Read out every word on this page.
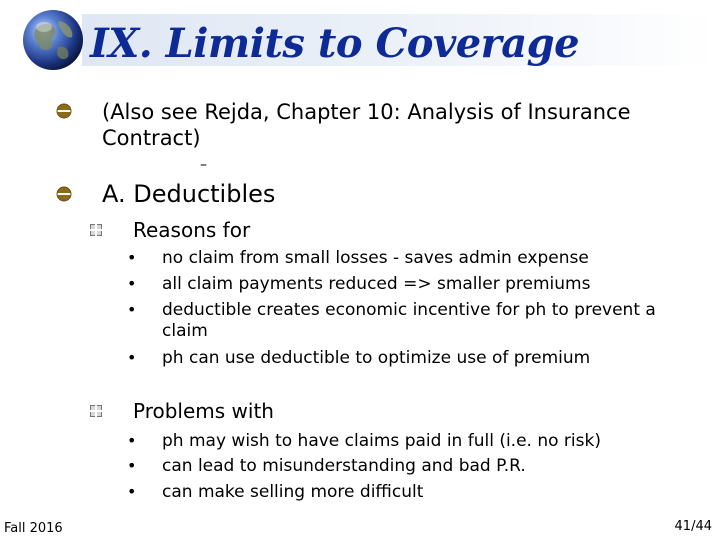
IX. Limits to Coverage
(Also see Rejda, Chapter 10: Analysis of Insurance Contract)
–
A. Deductibles
Reasons for
• no claim from small losses - saves admin expense
• all claim payments reduced => smaller premiums
• deductible creates economic incentive for ph to prevent a claim
• ph can use deductible to optimize use of premium
Problems with
• ph may wish to have claims paid in full (i.e. no risk)
• can lead to misunderstanding and bad P.R.
• can make selling more difficult
Fall 2016	41/44
